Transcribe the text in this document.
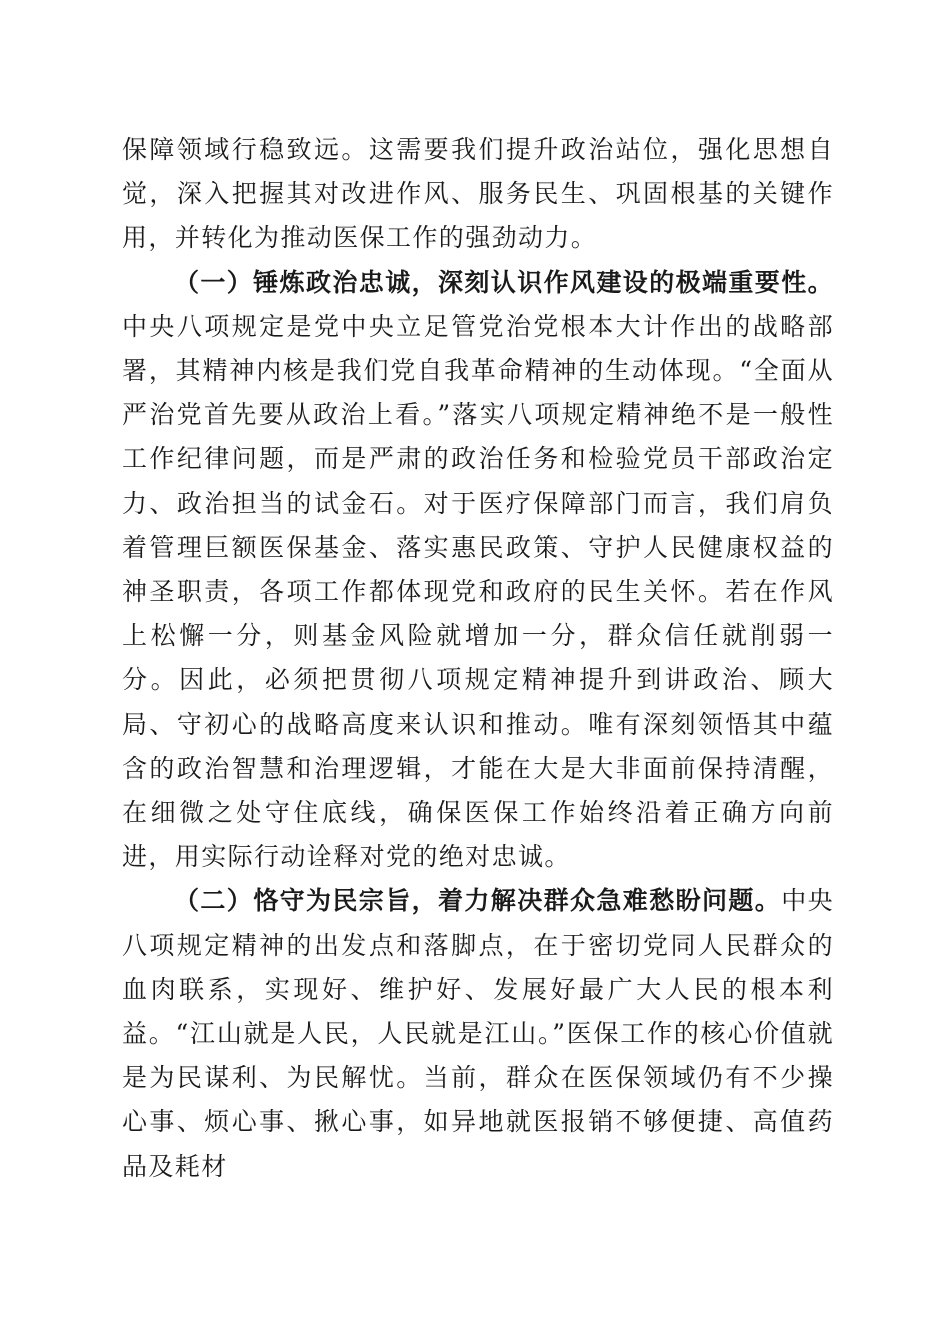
保障领域行稳致远。这需要我们提升政治站位，强化思想自觉，深入把握其对改进作风、服务民生、巩固根基的关键作用，并转化为推动医保工作的强劲动力。

（一）锤炼政治忠诚，深刻认识作风建设的极端重要性。中央八项规定是党中央立足管党治党根本大计作出的战略部署，其精神内核是我们党自我革命精神的生动体现。“全面从严治党首先要从政治上看。”落实八项规定精神绝不是一般性工作纪律问题，而是严肃的政治任务和检验党员干部政治定力、政治担当的试金石。对于医疗保障部门而言，我们肩负着管理巨额医保基金、落实惠民政策、守护人民健康权益的神圣职责，各项工作都体现党和政府的民生关怀。若在作风上松懈一分，则基金风险就增加一分，群众信任就削弱一分。因此，必须把贯彻八项规定精神提升到讲政治、顾大局、守初心的战略高度来认识和推动。唯有深刻领悟其中蕴含的政治智慧和治理逻辑，才能在大是大非面前保持清醒，在细微之处守住底线，确保医保工作始终沿着正确方向前进，用实际行动诠释对党的绝对忠诚。

（二）恪守为民宗旨，着力解决群众急难愁盼问题。中央八项规定精神的出发点和落脚点，在于密切党同人民群众的血肉联系，实现好、维护好、发展好最广大人民的根本利益。“江山就是人民，人民就是江山。”医保工作的核心价值就是为民谋利、为民解忧。当前，群众在医保领域仍有不少操心事、烦心事、揪心事，如异地就医报销不够便捷、高值药品及耗材
